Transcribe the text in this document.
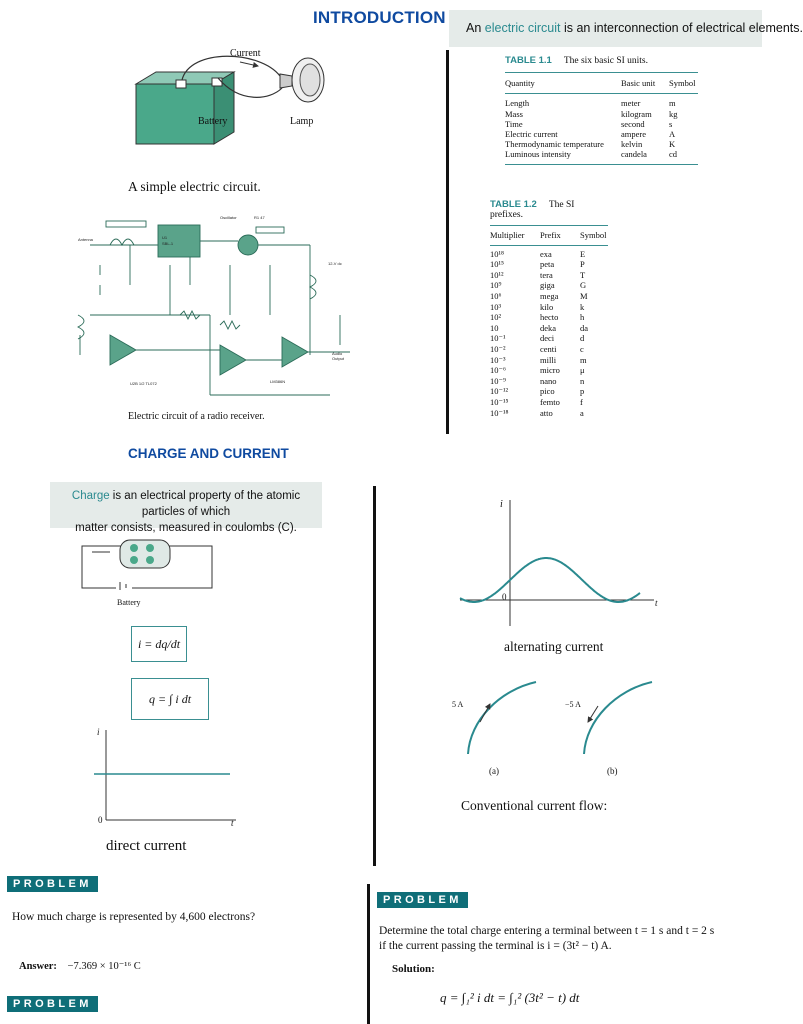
INTRODUCTION
An electric circuit is an interconnection of electrical elements.
Current
Battery	Lamp
A simple electric circuit.
U1
SBL-1
R1 47
Oscillator
Antenna
12-V dc
Audio
Output
LM386N
U2B 1/2 TL072
Electric circuit of a radio receiver.
TABLE 1.1 The six basic SI units.
Quantity	Basic unit	Symbol
Length	meter	m
Mass	kilogram	kg
Time	second	s
Electric current	ampere	A
Thermodynamic temperature	kelvin	K
Luminous intensity	candela	cd
TABLE 1.2 The SI prefixes.
Multiplier	Prefix	Symbol
10¹⁸	exa	E
10¹⁵	peta	P
10¹²	tera	T
10⁹	giga	G
10⁶	mega	M
10³	kilo	k
10²	hecto	h
10	deka	da
10⁻¹	deci	d
10⁻²	centi	c
10⁻³	milli	m
10⁻⁶	micro	μ
10⁻⁹	nano	n
10⁻¹²	pico	p
10⁻¹⁵	femto	f
10⁻¹⁸	atto	a
CHARGE AND CURRENT
Charge is an electrical property of the atomic particles of which
matter consists, measured in coulombs (C).
Battery
i = dq/dt
q = ∫ i dt
i
0	t
direct current
i
0
t
alternating current
5 A	−5 A
(a)	(b)
Conventional current flow:
PROBLEM
How much charge is represented by 4,600 electrons?
Answer: −7.369 × 10⁻¹⁶ C
PROBLEM
PROBLEM
Determine the total charge entering a terminal between t = 1 s and t = 2 s
if the current passing the terminal is i = (3t² − t) A.
Solution:
q = ∫₁² i dt = ∫₁² (3t² − t) dt
